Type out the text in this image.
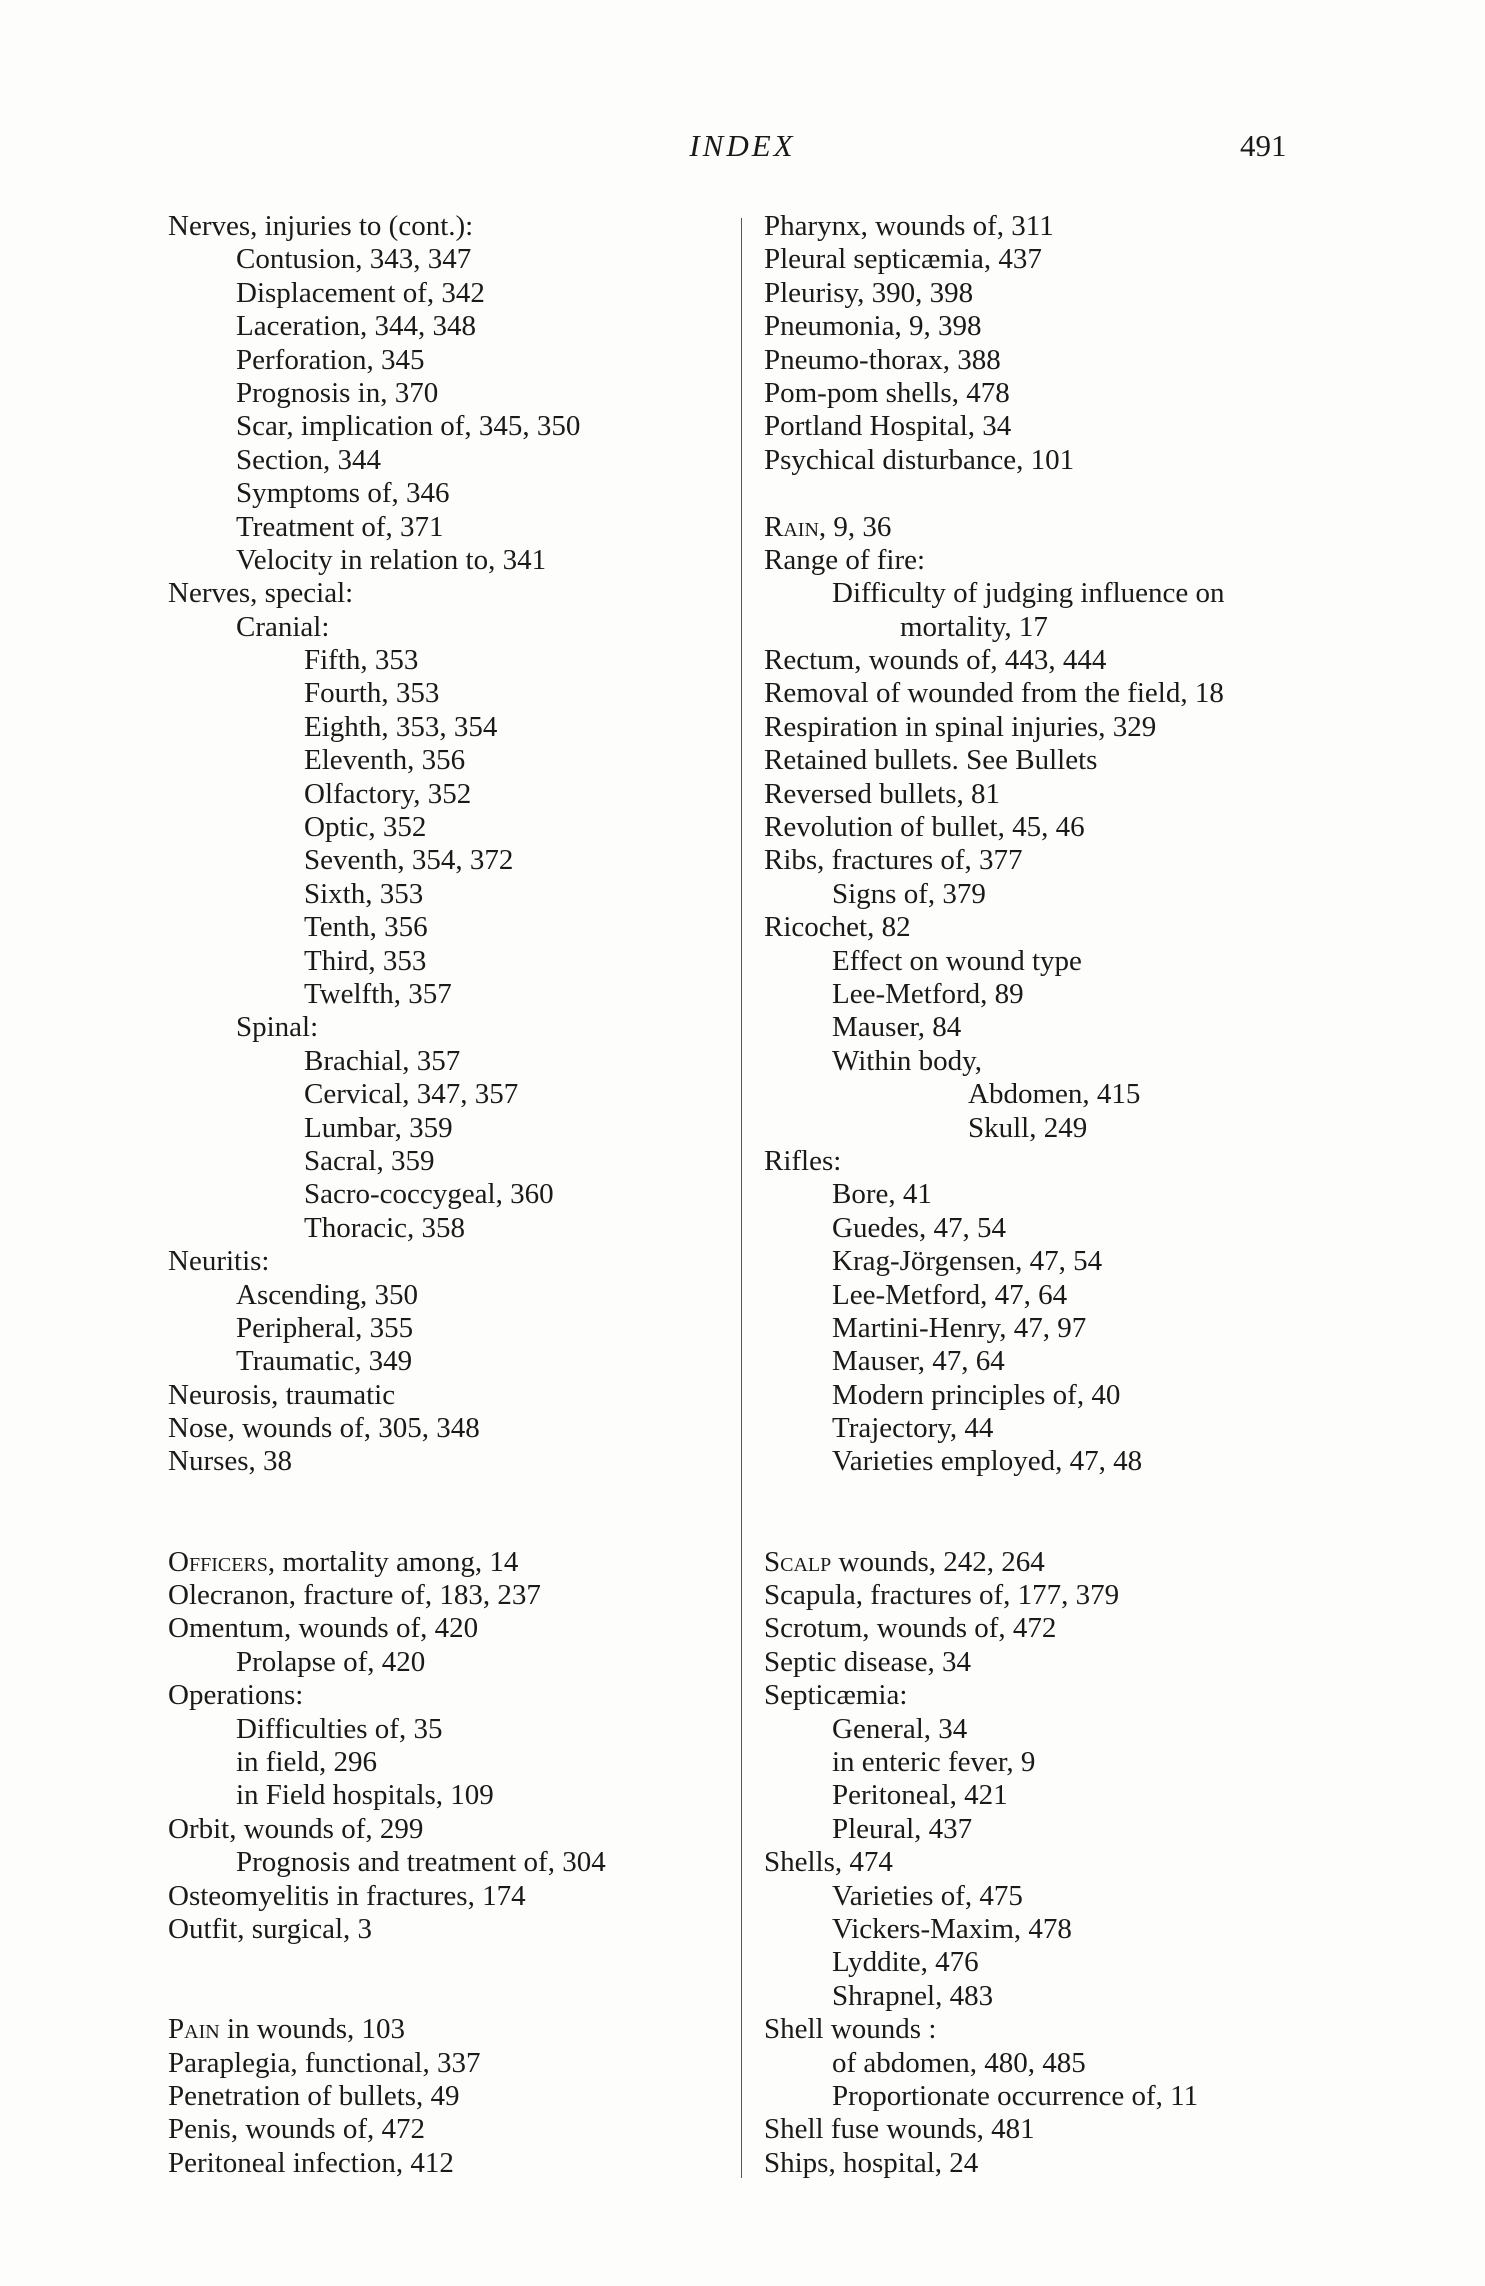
INDEX	491
Nerves, injuries to (cont.):
Contusion, 343, 347
Displacement of, 342
Laceration, 344, 348
Perforation, 345
Prognosis in, 370
Scar, implication of, 345, 350
Section, 344
Symptoms of, 346
Treatment of, 371
Velocity in relation to, 341
Nerves, special:
Cranial:
Fifth, 353
Fourth, 353
Eighth, 353, 354
Eleventh, 356
Olfactory, 352
Optic, 352
Seventh, 354, 372
Sixth, 353
Tenth, 356
Third, 353
Twelfth, 357
Spinal:
Brachial, 357
Cervical, 347, 357
Lumbar, 359
Sacral, 359
Sacro-coccygeal, 360
Thoracic, 358
Neuritis:
Ascending, 350
Peripheral, 355
Traumatic, 349
Neurosis, traumatic
Nose, wounds of, 305, 348
Nurses, 38
Officers, mortality among, 14
Olecranon, fracture of, 183, 237
Omentum, wounds of, 420
Prolapse of, 420
Operations:
Difficulties of, 35
in field, 296
in Field hospitals, 109
Orbit, wounds of, 299
Prognosis and treatment of, 304
Osteomyelitis in fractures, 174
Outfit, surgical, 3
Pain in wounds, 103
Paraplegia, functional, 337
Penetration of bullets, 49
Penis, wounds of, 472
Peritoneal infection, 412
Pharynx, wounds of, 311
Pleural septicæmia, 437
Pleurisy, 390, 398
Pneumonia, 9, 398
Pneumo-thorax, 388
Pom-pom shells, 478
Portland Hospital, 34
Psychical disturbance, 101
Rain, 9, 36
Range of fire:
Difficulty of judging influence on
mortality, 17
Rectum, wounds of, 443, 444
Removal of wounded from the field, 18
Respiration in spinal injuries, 329
Retained bullets. See Bullets
Reversed bullets, 81
Revolution of bullet, 45, 46
Ribs, fractures of, 377
Signs of, 379
Ricochet, 82
Effect on wound type
Lee-Metford, 89
Mauser, 84
Within body,
Abdomen, 415
Skull, 249
Rifles:
Bore, 41
Guedes, 47, 54
Krag-Jörgensen, 47, 54
Lee-Metford, 47, 64
Martini-Henry, 47, 97
Mauser, 47, 64
Modern principles of, 40
Trajectory, 44
Varieties employed, 47, 48
Scalp wounds, 242, 264
Scapula, fractures of, 177, 379
Scrotum, wounds of, 472
Septic disease, 34
Septicæmia:
General, 34
in enteric fever, 9
Peritoneal, 421
Pleural, 437
Shells, 474
Varieties of, 475
Vickers-Maxim, 478
Lyddite, 476
Shrapnel, 483
Shell wounds :
of abdomen, 480, 485
Proportionate occurrence of, 11
Shell fuse wounds, 481
Ships, hospital, 24
